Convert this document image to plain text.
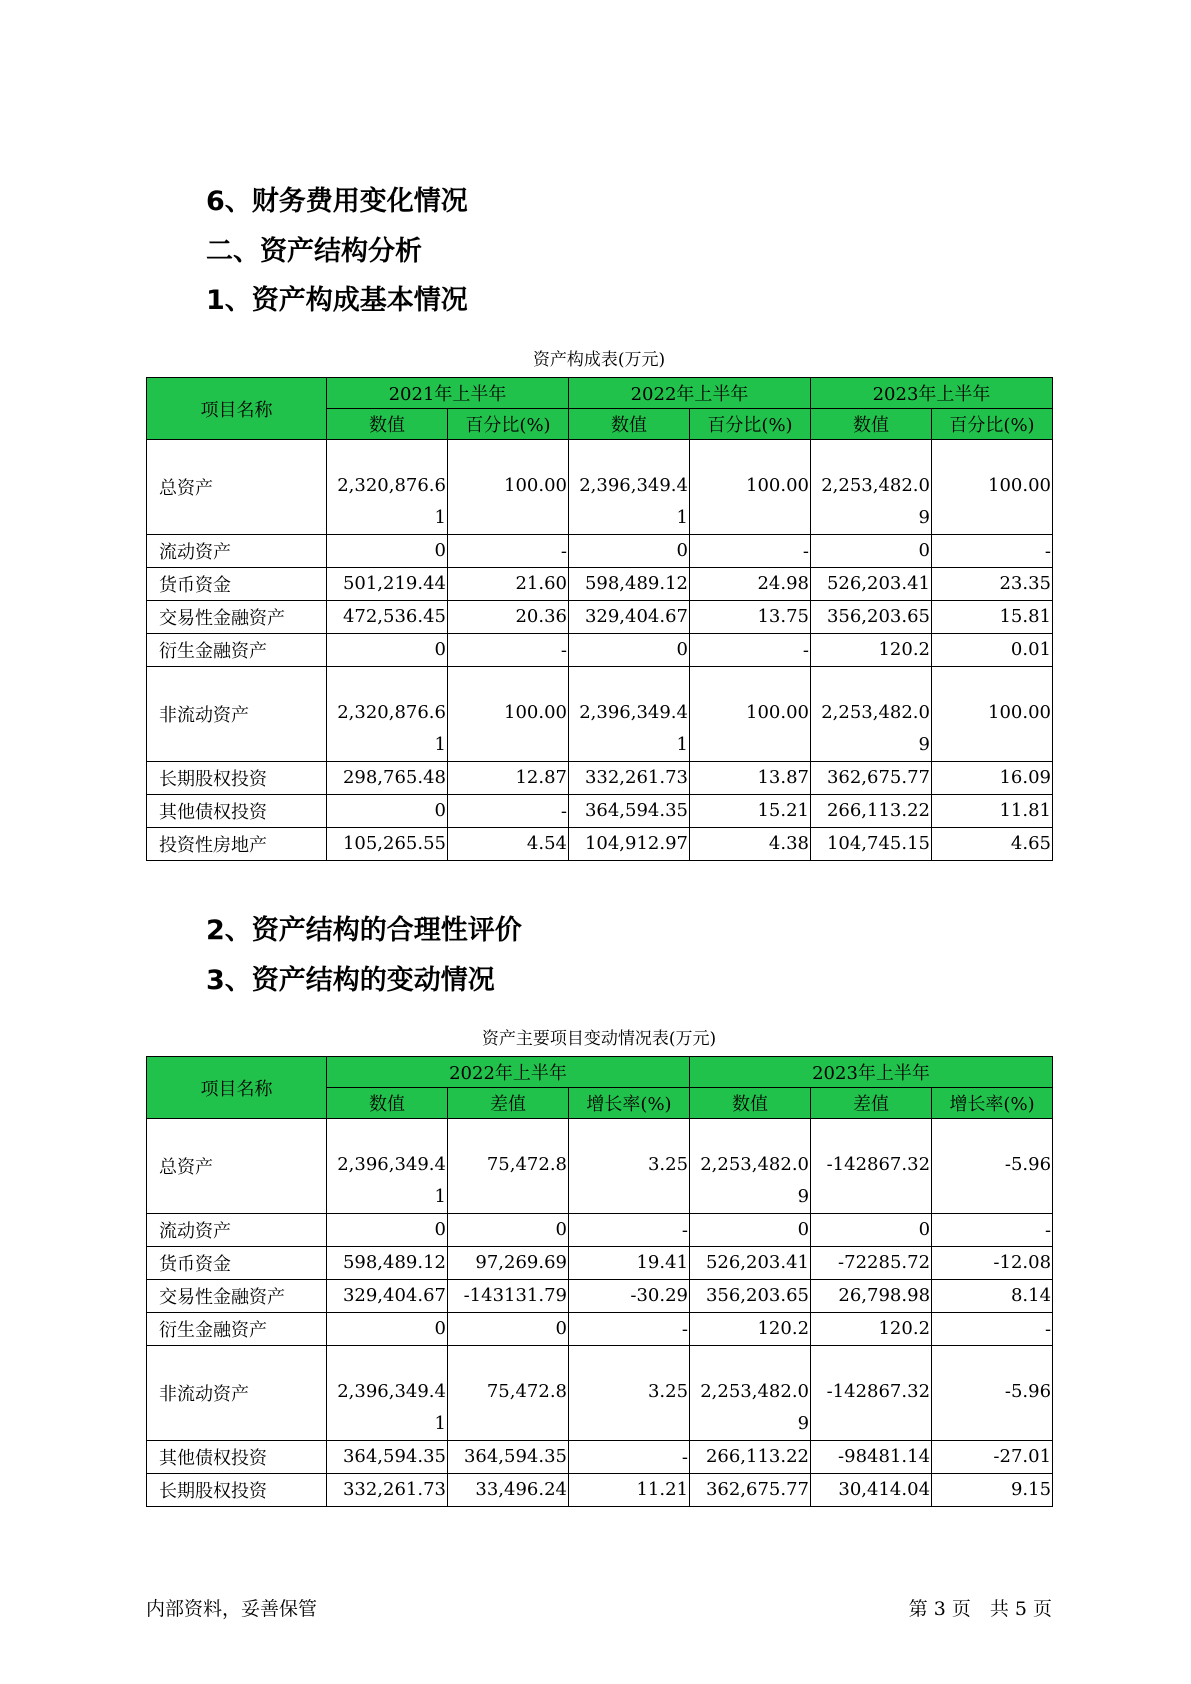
6、财务费用变化情况
二、资产结构分析
1、资产构成基本情况
资产构成表(万元)
项目名称	2021年上半年		2022年上半年		2023年上半年	
	数值	百分比(%)	数值	百分比(%)	数值	百分比(%)
总资产	2,320,876.61	100.00	2,396,349.41	100.00	2,253,482.09	100.00
流动资产	0	-	0	-	0	-
货币资金	501,219.44	21.60	598,489.12	24.98	526,203.41	23.35
交易性金融资产	472,536.45	20.36	329,404.67	13.75	356,203.65	15.81
衍生金融资产	0	-	0	-	120.2	0.01
非流动资产	2,320,876.61	100.00	2,396,349.41	100.00	2,253,482.09	100.00
长期股权投资	298,765.48	12.87	332,261.73	13.87	362,675.77	16.09
其他债权投资	0	-	364,594.35	15.21	266,113.22	11.81
投资性房地产	105,265.55	4.54	104,912.97	4.38	104,745.15	4.65
2、资产结构的合理性评价
3、资产结构的变动情况
资产主要项目变动情况表(万元)
项目名称	2022年上半年			2023年上半年		
	数值	差值	增长率(%)	数值	差值	增长率(%)
总资产	2,396,349.41	75,472.8	3.25	2,253,482.09	-142867.32	-5.96
流动资产	0	0	-	0	0	-
货币资金	598,489.12	97,269.69	19.41	526,203.41	-72285.72	-12.08
交易性金融资产	329,404.67	-143131.79	-30.29	356,203.65	26,798.98	8.14
衍生金融资产	0	0	-	120.2	120.2	-
非流动资产	2,396,349.41	75,472.8	3.25	2,253,482.09	-142867.32	-5.96
其他债权投资	364,594.35	364,594.35	-	266,113.22	-98481.14	-27.01
长期股权投资	332,261.73	33,496.24	11.21	362,675.77	30,414.04	9.15
内部资料，妥善保管	第 3 页　共 5 页
